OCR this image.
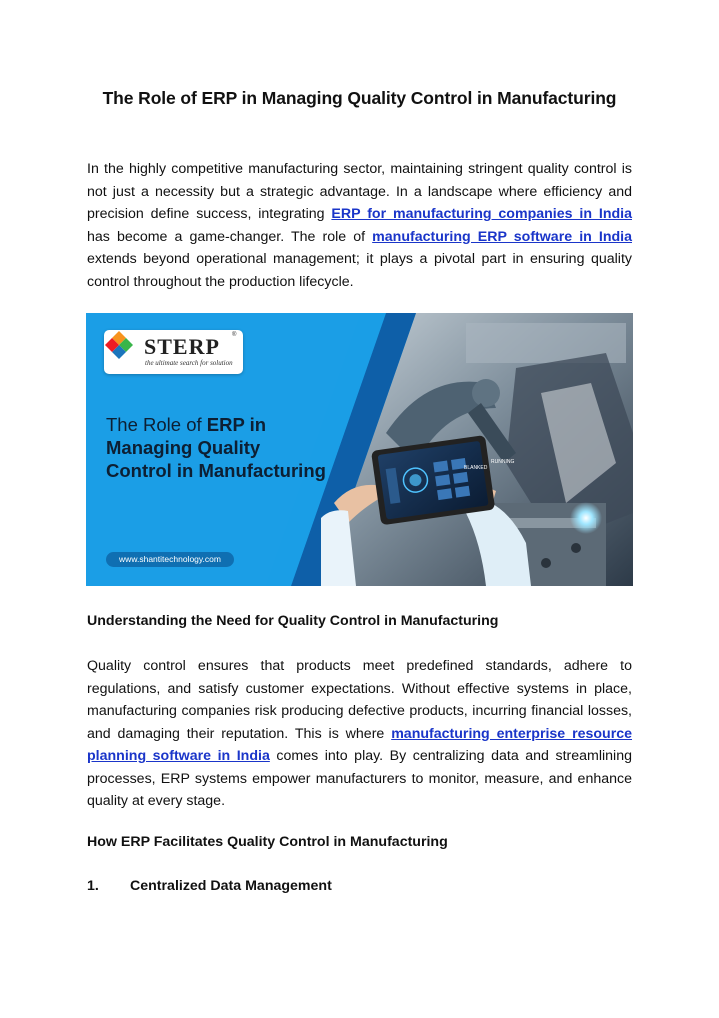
The Role of ERP in Managing Quality Control in Manufacturing
In the highly competitive manufacturing sector, maintaining stringent quality control is not just a necessity but a strategic advantage. In a landscape where efficiency and precision define success, integrating ERP for manufacturing companies in India has become a game-changer. The role of manufacturing ERP software in India extends beyond operational management; it plays a pivotal part in ensuring quality control throughout the production lifecycle.
STERP ®
the ultimate search for solution
The Role of ERP in
Managing Quality
Control in Manufacturing	RUNNING
BLANKED
www.shantitechnology.com
Understanding the Need for Quality Control in Manufacturing
Quality control ensures that products meet predefined standards, adhere to regulations, and satisfy customer expectations. Without effective systems in place, manufacturing companies risk producing defective products, incurring financial losses, and damaging their reputation. This is where manufacturing enterprise resource planning software in India comes into play. By centralizing data and streamlining processes, ERP systems empower manufacturers to monitor, measure, and enhance quality at every stage.
How ERP Facilitates Quality Control in Manufacturing
1. Centralized Data Management
